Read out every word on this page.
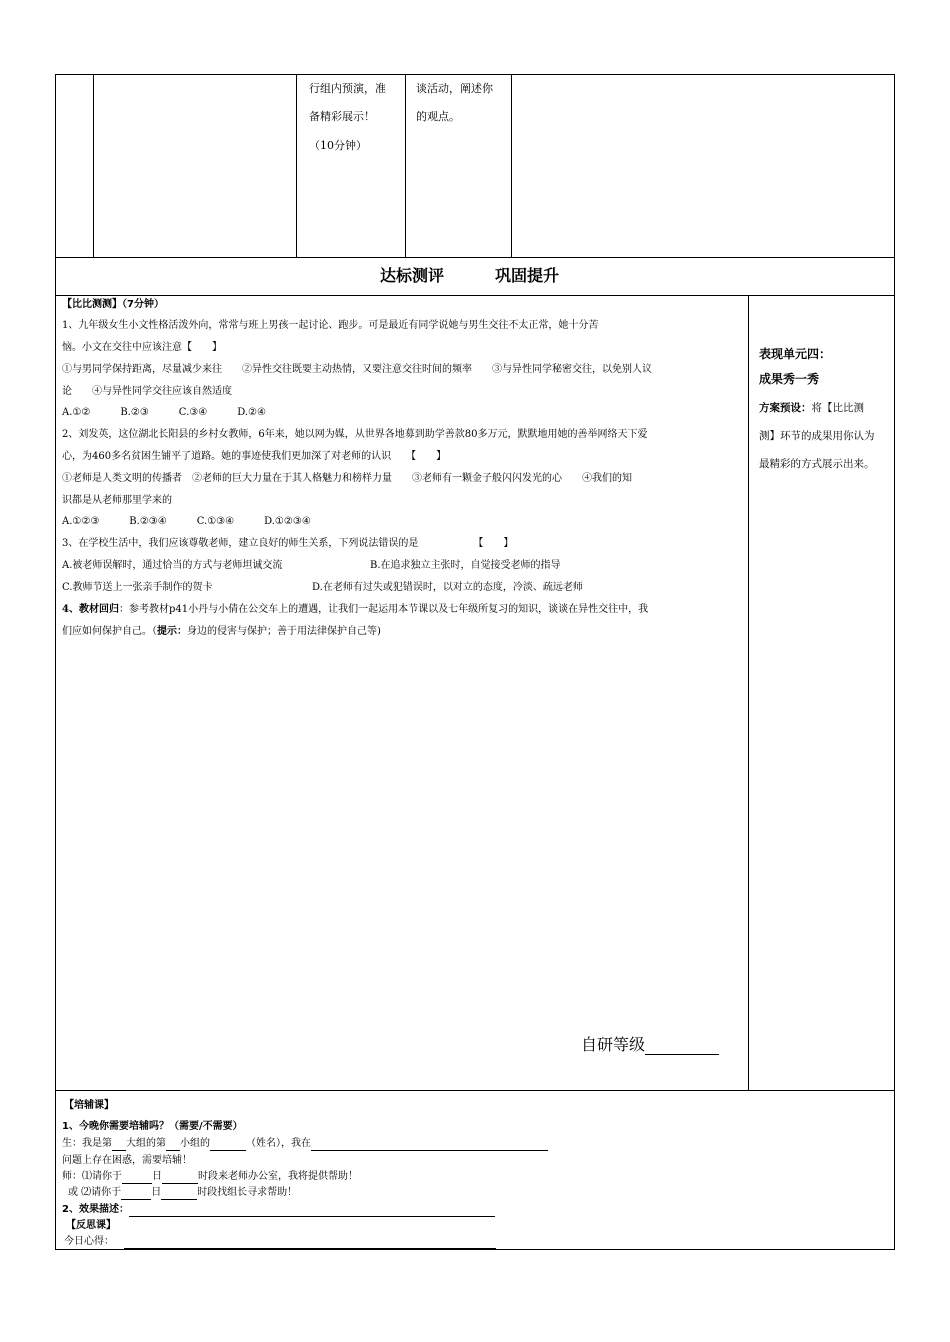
行组内预演，准
备精彩展示！
（10分钟）
谈活动，阐述你
的观点。
达标测评	巩固提升
【比比测测】（7分钟）
1、九年级女生小文性格活泼外向，常常与班上男孩一起讨论、跑步。可是最近有同学说她与男生交往不太正常，她十分苦
恼。小文在交往中应该注意【　　】
①与男同学保持距离，尽量减少来往　　②异性交往既要主动热情，又要注意交往时间的频率　　③与异性同学秘密交往，以免别人议
论　　④与异性同学交往应该自然适度
A.①②　　　B.②③　　　C.③④　　　D.②④
2、刘发英，这位湖北长阳县的乡村女教师，6年来，她以网为媒，从世界各地募到助学善款80多万元，默默地用她的善举网络天下爱
心，为460多名贫困生铺平了道路。她的事迹使我们更加深了对老师的认识　　【　　】
①老师是人类文明的传播者　②老师的巨大力量在于其人格魅力和榜样力量　　③老师有一颗金子般闪闪发光的心　　④我们的知
识都是从老师那里学来的
A.①②③　　　B.②③④　　　C.①③④　　　D.①②③④
3、在学校生活中，我们应该尊敬老师，建立良好的师生关系，下列说法错误的是　　　　　　【　　】
A.被老师误解时，通过恰当的方式与老师坦诚交流	B.在追求独立主张时，自觉接受老师的指导
C.教师节送上一张亲手制作的贺卡	D.在老师有过失或犯错误时，以对立的态度，冷淡、疏远老师
4、教材回归：参考教材p41小丹与小倩在公交车上的遭遇，让我们一起运用本节课以及七年级所复习的知识，谈谈在异性交往中，我
们应如何保护自己。（提示：身边的侵害与保护；善于用法律保护自己等)
自研等级
表现单元四：
成果秀一秀
方案预设：将【比比测
测】环节的成果用你认为
最精彩的方式展示出来。
【培辅课】
1、今晚你需要培辅吗？（需要/不需要）
生：我是第 大组的第 小组的	（姓名），我在
问题上存在困惑，需要培辅！
师：⑴请你于	日	时段来老师办公室，我将提供帮助！
或 ⑵请你于	日	时段找组长寻求帮助！
2、效果描述：
【反思课】
今日心得：
